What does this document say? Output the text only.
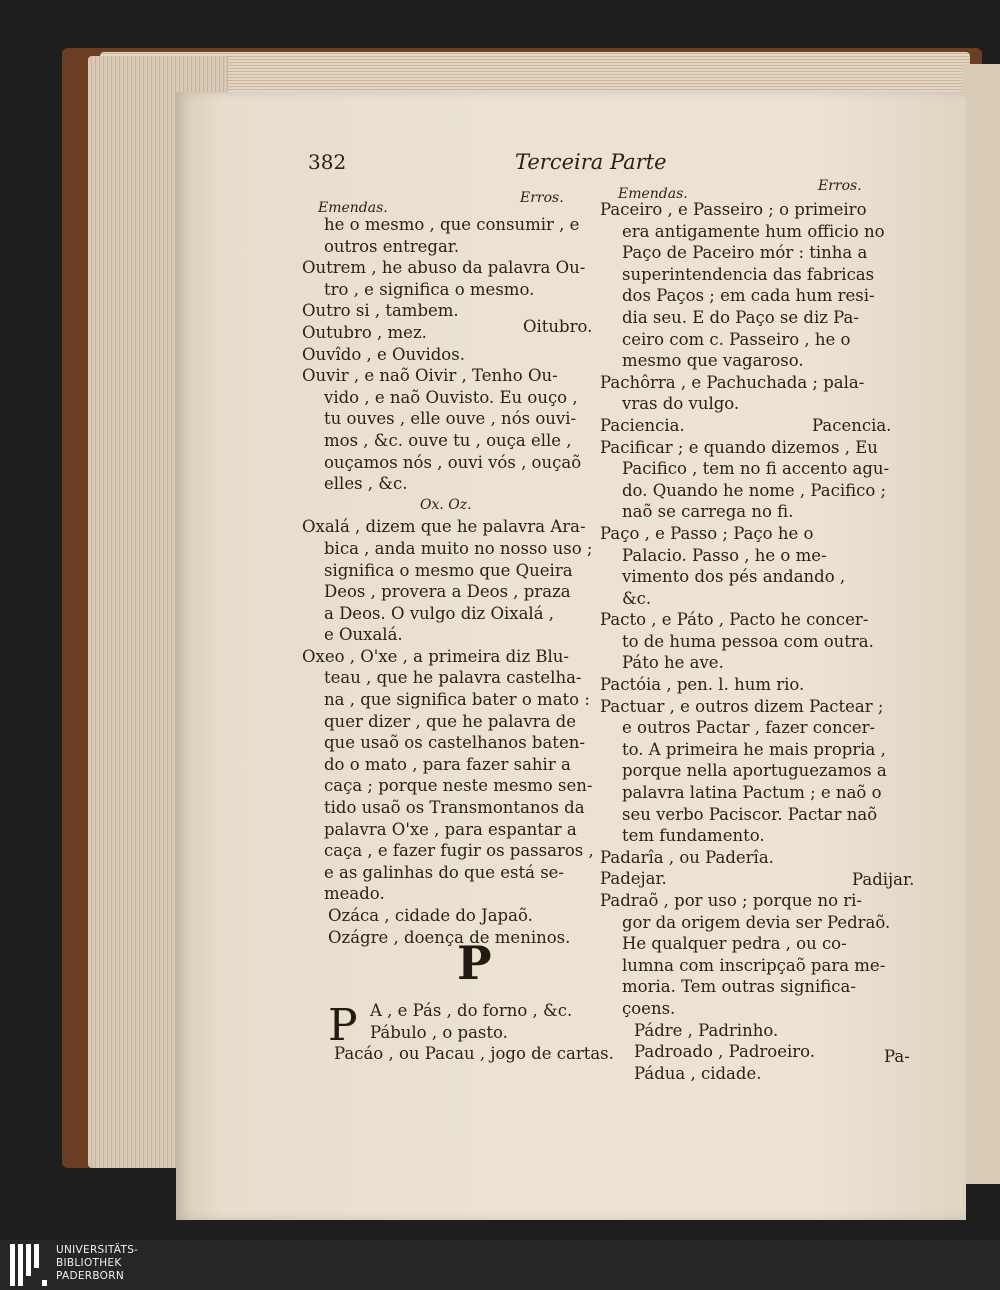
382	Terceira Parte
Emendas.
Erros.
he o mesmo , que consumir , e
outros entregar.
Outrem , he abuso da palavra Ou-
tro , e significa o mesmo.
Outro si , tambem.
Outubro , mez.
Ouvîdo , e Ouvidos.
Ouvir , e naõ Oivir , Tenho Ou-
vido , e naõ Ouvisto. Eu ouço ,
tu ouves , elle ouve , nós ouvi-
mos , &c. ouve tu , ouça elle ,
ouçamos nós , ouvi vós , ouçaõ
elles , &c.
Ox. Oz.
Oxalá , dizem que he palavra Ara-
bica , anda muito no nosso uso ;
significa o mesmo que Queira
Deos , provera a Deos , praza
a Deos. O vulgo diz Oixalá ,
e Ouxalá.
Oxeo , O'xe , a primeira diz Blu-
teau , que he palavra castelha-
na , que significa bater o mato :
quer dizer , que he palavra de
que usaõ os castelhanos baten-
do o mato , para fazer sahir a
caça ; porque neste mesmo sen-
tido usaõ os Transmontanos da
palavra O'xe , para espantar a
caça , e fazer fugir os passaros ,
e as galinhas do que está se-
meado.
Ozáca , cidade do Japaõ.
Ozágre , doença de meninos.
Oitubro.
P
P A , e Pás , do forno , &c.
Pábulo , o pasto.
Pacáo , ou Pacau , jogo de cartas.
Emendas.	Erros.
Paceiro , e Passeiro ; o primeiro
era antigamente hum officio no
Paço de Paceiro mór : tinha a
superintendencia das fabricas
dos Paços ; em cada hum resi-
dia seu. E do Paço se diz Pa-
ceiro com c. Passeiro , he o
mesmo que vagaroso.
Pachôrra , e Pachuchada ; pala-
vras do vulgo.
Paciencia.
Pacificar ; e quando dizemos , Eu
Pacifico , tem no fi accento agu-
do. Quando he nome , Pacifico ;
naõ se carrega no fi.
Paço , e Passo ; Paço he o
Palacio. Passo , he o me-
vimento dos pés andando ,
&c.
Pacto , e Páto , Pacto he concer-
to de huma pessoa com outra.
Páto he ave.
Pactóia , pen. l. hum rio.
Pactuar , e outros dizem Pactear ;
e outros Pactar , fazer concer-
to. A primeira he mais propria ,
porque nella aportuguezamos a
palavra latina Pactum ; e naõ o
seu verbo Paciscor. Pactar naõ
tem fundamento.
Padarîa , ou Paderîa.
Padejar.
Padraõ , por uso ; porque no ri-
gor da origem devia ser Pedraõ.
He qualquer pedra , ou co-
lumna com inscripçaõ para me-
moria. Tem outras significa-
çoens.
Pádre , Padrinho.
Padroado , Padroeiro.
Pádua , cidade.
Pacencia.
Padijar.
Pa-
UNIVERSITÄTS-
BIBLIOTHEK
PADERBORN
